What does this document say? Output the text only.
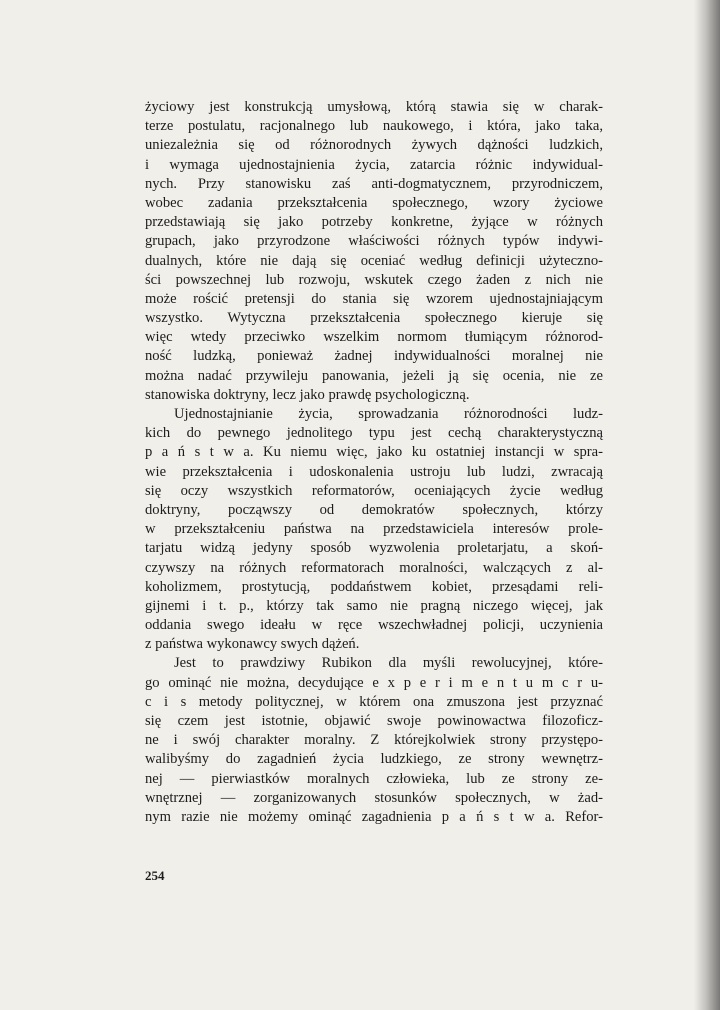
życiowy jest konstrukcją umysłową, którą stawia się w charak-
terze postulatu, racjonalnego lub naukowego, i która, jako taka,
uniezależnia się od różnorodnych żywych dążności ludzkich,
i wymaga ujednostajnienia życia, zatarcia różnic indywidual-
nych. Przy stanowisku zaś anti-dogmatycznem, przyrodniczem,
wobec zadania przekształcenia społecznego, wzory życiowe
przedstawiają się jako potrzeby konkretne, żyjące w różnych
grupach, jako przyrodzone właściwości różnych typów indywi-
dualnych, które nie dają się oceniać według definicji użyteczno-
ści powszechnej lub rozwoju, wskutek czego żaden z nich nie
może rościć pretensji do stania się wzorem ujednostajniającym
wszystko. Wytyczna przekształcenia społecznego kieruje się
więc wtedy przeciwko wszelkim normom tłumiącym różnorod-
ność ludzką, ponieważ żadnej indywidualności moralnej nie
można nadać przywileju panowania, jeżeli ją się ocenia, nie ze
stanowiska doktryny, lecz jako prawdę psychologiczną.
Ujednostajnianie życia, sprowadzania różnorodności ludz-
kich do pewnego jednolitego typu jest cechą charakterystyczną
p a ń s t w a. Ku niemu więc, jako ku ostatniej instancji w spra-
wie przekształcenia i udoskonalenia ustroju lub ludzi, zwracają
się oczy wszystkich reformatorów, oceniających życie według
doktryny, począwszy od demokratów społecznych, którzy
w przekształceniu państwa na przedstawiciela interesów prole-
tarjatu widzą jedyny sposób wyzwolenia proletarjatu, a skoń-
czywszy na różnych reformatorach moralności, walczących z al-
koholizmem, prostytucją, poddaństwem kobiet, przesądami reli-
gijnemi i t. p., którzy tak samo nie pragną niczego więcej, jak
oddania swego ideału w ręce wszechwładnej policji, uczynienia
z państwa wykonawcy swych dążeń.
Jest to prawdziwy Rubikon dla myśli rewolucyjnej, które-
go ominąć nie można, decydujące e x p e r i m e n t u m c r u-
c i s metody politycznej, w którem ona zmuszona jest przyznać
się czem jest istotnie, objawić swoje powinowactwa filozoficz-
ne i swój charakter moralny. Z którejkolwiek strony przystępo-
walibyśmy do zagadnień życia ludzkiego, ze strony wewnętrz-
nej — pierwiastków moralnych człowieka, lub ze strony ze-
wnętrznej — zorganizowanych stosunków społecznych, w żad-
nym razie nie możemy ominąć zagadnienia p a ń s t w a. Refor-
254
